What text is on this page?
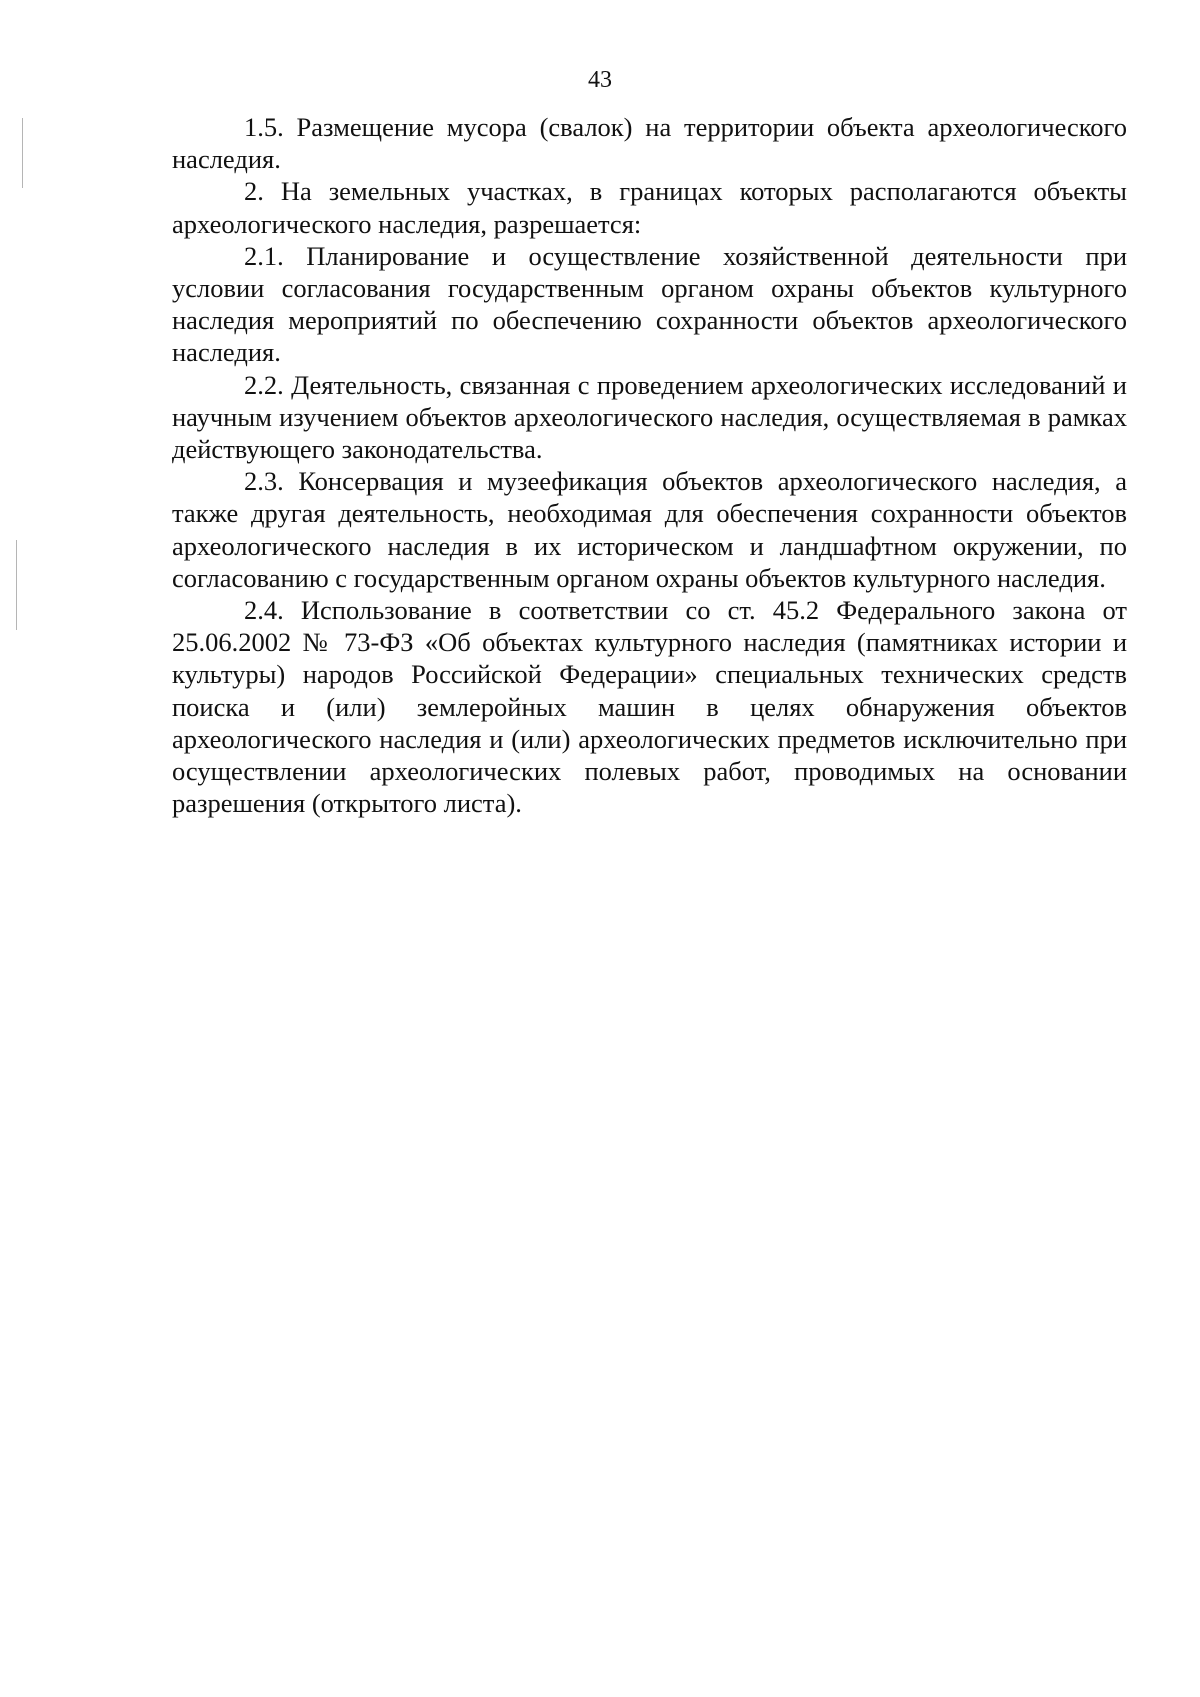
43

1.5. Размещение мусора (свалок) на территории объекта археологического наследия.

2. На земельных участках, в границах которых располагаются объекты археологического наследия, разрешается:

2.1. Планирование и осуществление хозяйственной деятельности при условии согласования государственным органом охраны объектов культурного наследия мероприятий по обеспечению сохранности объектов археологического наследия.

2.2. Деятельность, связанная с проведением археологических исследований и научным изучением объектов археологического наследия, осуществляемая в рамках действующего законодательства.

2.3. Консервация и музеефикация объектов археологического наследия, а также другая деятельность, необходимая для обеспечения сохранности объектов археологического наследия в их историческом и ландшафтном окружении, по согласованию с государственным органом охраны объектов культурного наследия.

2.4. Использование в соответствии со ст. 45.2 Федерального закона от 25.06.2002 № 73-ФЗ «Об объектах культурного наследия (памятниках истории и культуры) народов Российской Федерации» специальных технических средств поиска и (или) землеройных машин в целях обнаружения объектов археологического наследия и (или) археологических предметов исключительно при осуществлении археологических полевых работ, проводимых на основании разрешения (открытого листа).
